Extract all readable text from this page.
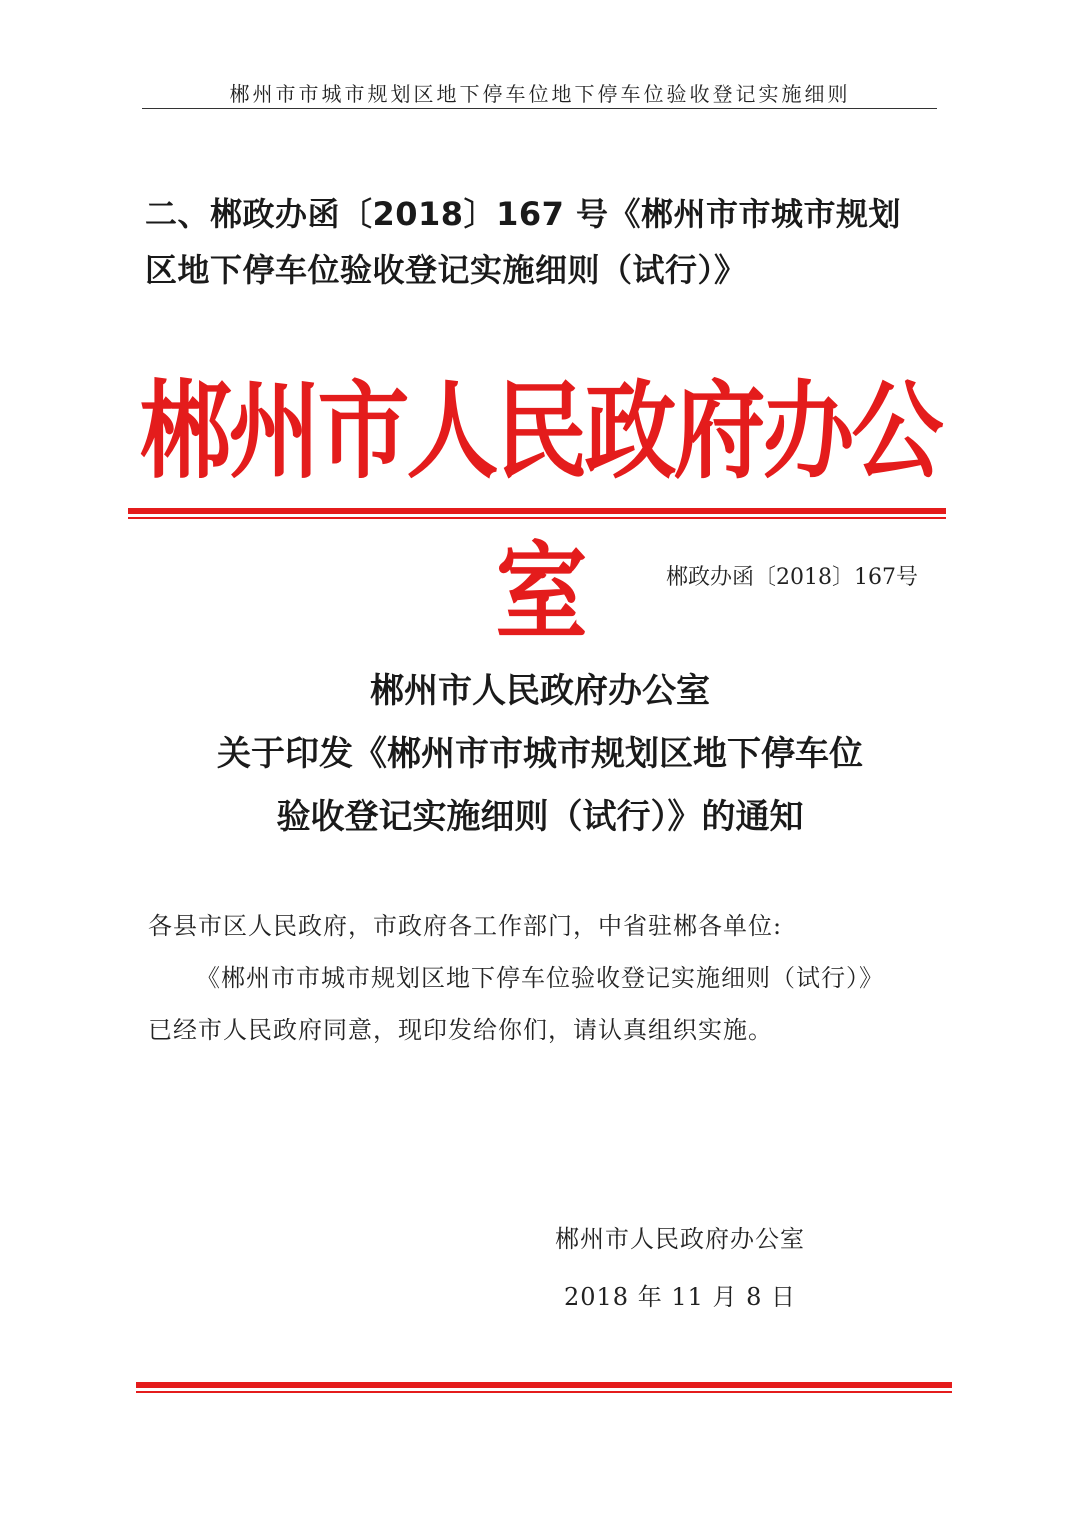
郴州市市城市规划区地下停车位地下停车位验收登记实施细则
二、郴政办函〔2018〕167 号《郴州市市城市规划
区地下停车位验收登记实施细则（试行）》
郴州市人民政府办公室	郴政办函〔2018〕167号
郴州市人民政府办公室
关于印发《郴州市市城市规划区地下停车位
验收登记实施细则（试行）》的通知

各县市区人民政府，市政府各工作部门，中省驻郴各单位:

《郴州市市城市规划区地下停车位验收登记实施细则（试行）》

已经市人民政府同意，现印发给你们，请认真组织实施。

郴州市人民政府办公室
2018 年 11 月 8 日
